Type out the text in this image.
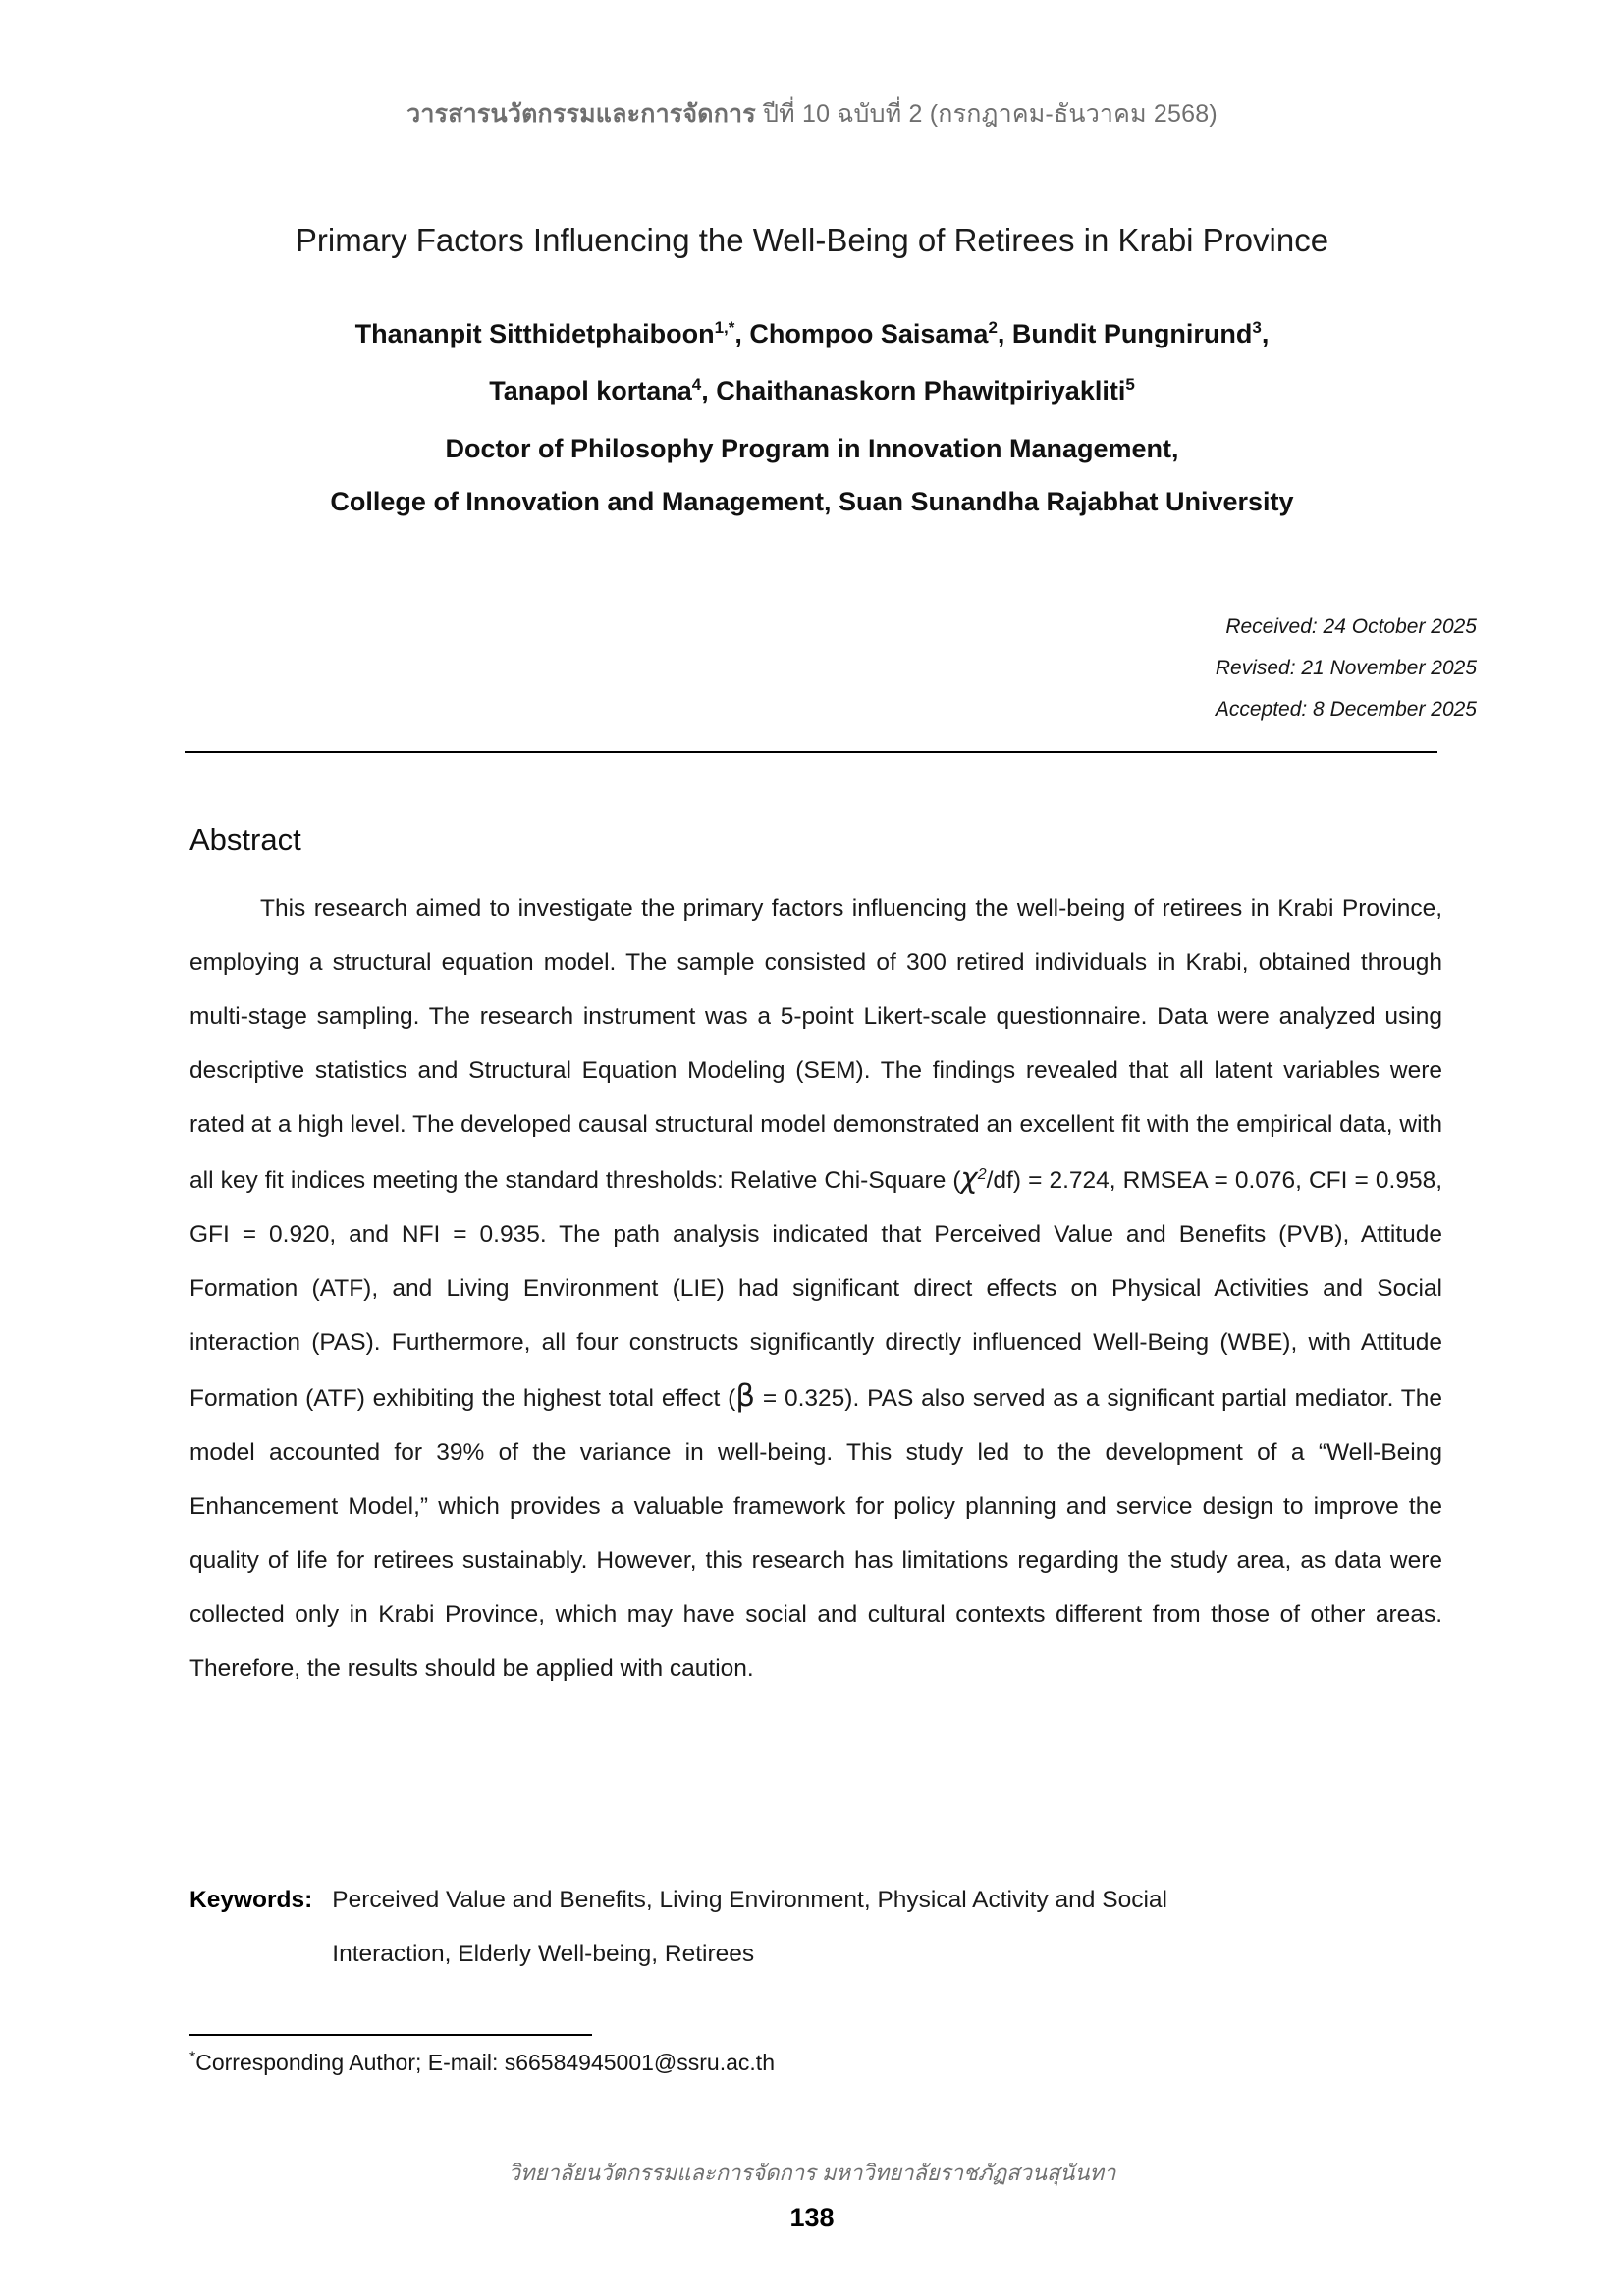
วารสารนวัตกรรมและการจัดการ ปีที่ 10 ฉบับที่ 2 (กรกฎาคม-ธันวาคม 2568)
Primary Factors Influencing the Well-Being of Retirees in Krabi Province
Thananpit Sitthidetphaiboon$^{1,*}$, Chompoo Saisama$^2$, Bundit Pungnirund$^3$,
Tanapol kortana$^4$, Chaithanaskorn Phawitpiriyakliti$^5$
Doctor of Philosophy Program in Innovation Management,
College of Innovation and Management, Suan Sunandha Rajabhat University
Received: 24 October 2025
Revised: 21 November 2025
Accepted: 8 December 2025
Abstract
This research aimed to investigate the primary factors influencing the well-being of retirees in Krabi Province, employing a structural equation model. The sample consisted of 300 retired individuals in Krabi, obtained through multi-stage sampling. The research instrument was a 5-point Likert-scale questionnaire. Data were analyzed using descriptive statistics and Structural Equation Modeling (SEM). The findings revealed that all latent variables were rated at a high level. The developed causal structural model demonstrated an excellent fit with the empirical data, with all key fit indices meeting the standard thresholds: Relative Chi-Square $(\chi^2/df) = 2.724$, RMSEA = 0.076, CFI = 0.958, GFI = 0.920, and NFI = 0.935. The path analysis indicated that Perceived Value and Benefits (PVB), Attitude Formation (ATF), and Living Environment (LIE) had significant direct effects on Physical Activities and Social interaction (PAS). Furthermore, all four constructs significantly directly influenced Well-Being (WBE), with Attitude Formation (ATF) exhibiting the highest total effect (β = 0.325). PAS also served as a significant partial mediator. The model accounted for 39% of the variance in well-being. This study led to the development of a “Well-Being Enhancement Model,” which provides a valuable framework for policy planning and service design to improve the quality of life for retirees sustainably. However, this research has limitations regarding the study area, as data were collected only in Krabi Province, which may have social and cultural contexts different from those of other areas. Therefore, the results should be applied with caution.
Keywords: Perceived Value and Benefits, Living Environment, Physical Activity and Social Interaction, Elderly Well-being, Retirees
*Corresponding Author; E-mail: s66584945001@ssru.ac.th
วิทยาลัยนวัตกรรมและการจัดการ มหาวิทยาลัยราชภัฏสวนสุนันทา
138
